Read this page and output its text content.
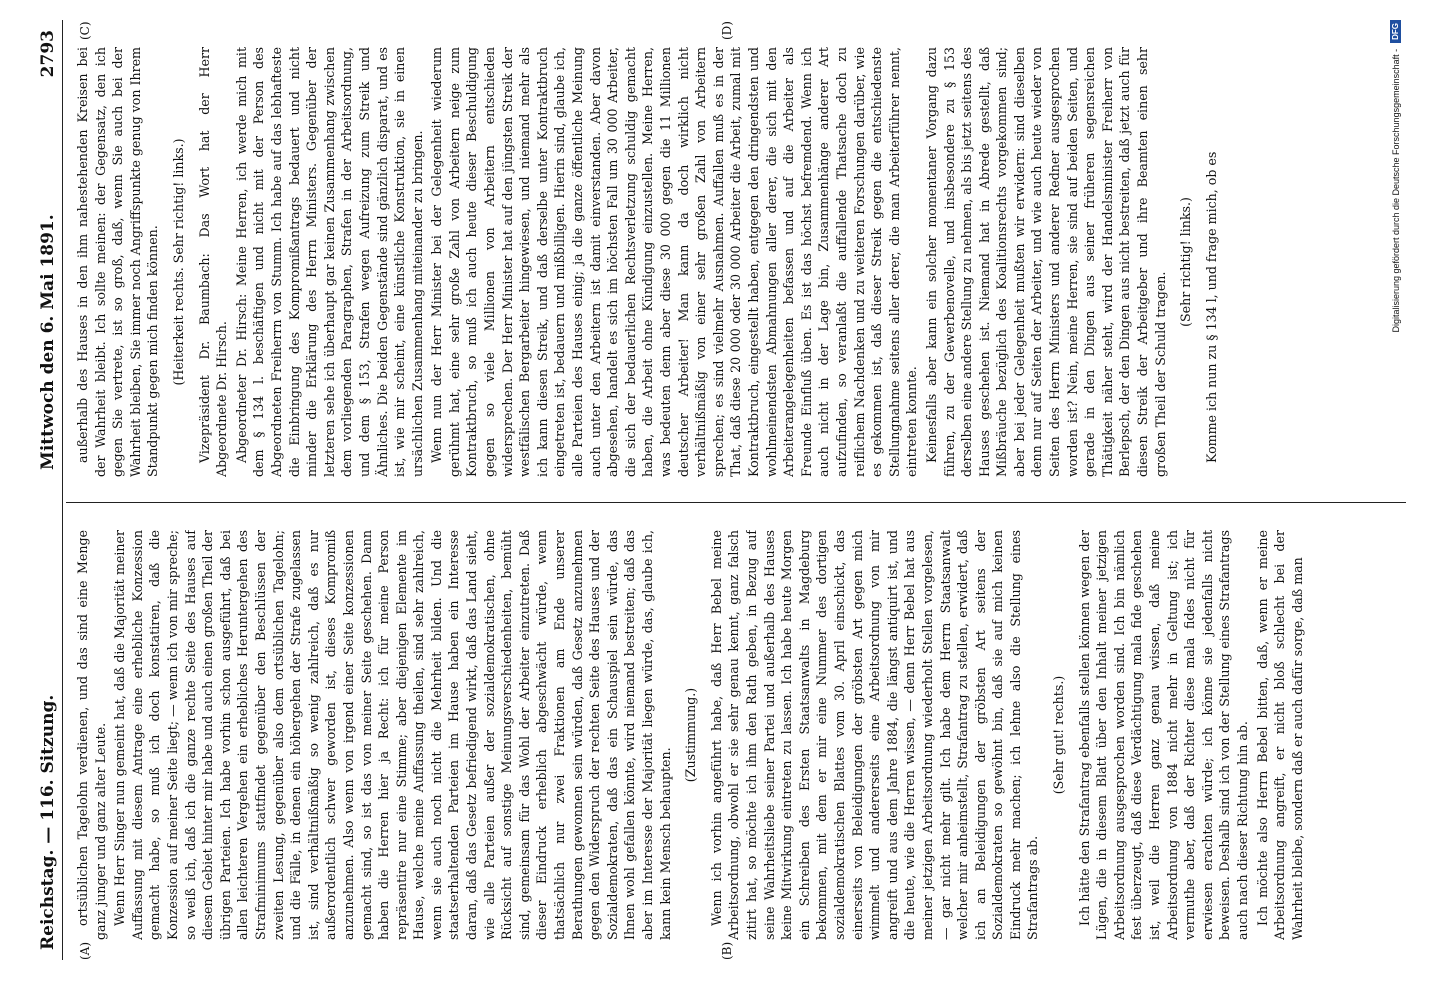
Reichstag. — 116. Sitzung.
Mittwoch den 6. Mai 1891.
2793
(A)	(B)
(C)	(D)

ortsüblichen Tagelohn verdienen, und das sind eine Menge ganz junger und ganz alter Leute. Wenn Herr Singer nun gemeint hat, daß die Majorität meiner Auffassung mit diesem Antrage eine erhebliche Konzession gemacht habe, so muß ich doch konstatiren, daß die Konzession auf meiner Seite liegt; — wenn ich von mir spreche; so weiß ich, daß ich die ganze rechte Seite des Hauses auf diesem Gebiet hinter mir habe und auch einen großen Theil der übrigen Parteien. Ich habe vorhin schon ausgeführt, daß bei allen leichteren Vergehen ein erhebliches Heruntergehen des Strafminimums stattfindet gegenüber den Beschlüssen der zweiten Lesung, gegenüber also dem ortsüblichen Tagelohn; und die Fälle, in denen ein höhergehen der Strafe zugelassen ist, sind verhältnißmäßig so wenig zahlreich, daß es nur außerordentlich schwer geworden ist, dieses Kompromiß anzunehmen. Also wenn von irgend einer Seite konzessionen gemacht sind, so ist das von meiner Seite geschehen. Dann haben die Herren hier ja Recht: ich für meine Person repräsentire nur eine Stimme; aber diejenigen Elemente im Hause, welche meine Auffassung theilen, sind sehr zahlreich, wenn sie auch noch nicht die Mehrheit bilden. Und die staatserhaltenden Parteien im Hause haben ein Interesse daran, daß das Gesetz befriedigend wirkt, daß das Land sieht, wie alle Parteien außer der sozialdemokratischen, ohne Rücksicht auf sonstige Meinungsverschiedenheiten, bemüht sind, gemeinsam für das Wohl der Arbeiter einzutreten. Daß dieser Eindruck erheblich abgeschwächt würde, wenn thatsächlich nur zwei Fraktionen am Ende unserer Berathungen gewonnen sein würden, daß Gesetz anzunehmen gegen den Widerspruch der rechten Seite des Hauses und der Sozialdemokraten, daß das ein Schauspiel sein würde, das Ihnen wohl gefallen könnte, wird niemand bestreiten; daß das aber im Interesse der Majorität liegen würde, das, glaube ich, kann kein Mensch behaupten.

(Zustimmung.) Wenn ich vorhin angeführt habe, daß Herr Bebel meine Arbeitsordnung, obwohl er sie sehr genau kennt, ganz falsch zitirt hat, so möchte ich ihm den Rath geben, in Bezug auf seine Wahrheitsliebe seiner Partei und außerhalb des Hauses keine Mitwirkung eintreten zu lassen. Ich habe heute Morgen ein Schreiben des Ersten Staatsanwalts in Magdeburg bekommen, mit dem er mir eine Nummer des dortigen sozialdemokratischen Blattes vom 30. April einschickt, das einerseits von Beleidigungen der gröbsten Art gegen mich wimmelt und andererseits eine Arbeitsordnung von mir angreift und aus dem Jahre 1884, die längst antiquirt ist, und die heute, wie die Herren wissen, — denn Herr Bebel hat aus meiner jetzigen Arbeitsordnung wiederholt Stellen vorgelesen, — gar nicht mehr gilt. Ich habe dem Herrn Staatsanwalt welcher mir anheimstellt, Strafantrag zu stellen, erwidert, daß ich an Beleidigungen der gröbsten Art seitens der Sozialdemokraten so gewöhnt bin, daß sie auf mich keinen Eindruck mehr machen; ich lehne also die Stellung eines Strafantrags ab.

(Sehr gut! rechts.) Ich hätte den Strafantrag ebenfalls stellen können wegen der Lügen, die in diesem Blatt über den Inhalt meiner jetzigen Arbeitsordnung ausgesprochen worden sind. Ich bin nämlich fest überzeugt, daß diese Verdächtigung mala fide geschehen ist, weil die Herren ganz genau wissen, daß meine Arbeitsordnung von 1884 nicht mehr in Geltung ist; ich vermuthe aber, daß der Richter diese mala fides nicht für erwiesen erachten würde; ich könne sie jedenfalls nicht beweisen. Deshalb sind ich von der Stellung eines Strafantrags auch nach dieser Richtung hin ab. Ich möchte also Herrn Bebel bitten, daß, wenn er meine Arbeitsordnung angreift, er nicht bloß schlecht bei der Wahrheit bleibe, sondern daß er auch dafür sorge, daß man

außerhalb des Hauses in den ihm nahestehenden Kreisen bei der Wahrheit bleibt. Ich sollte meinen: der Gegensatz, den ich gegen Sie vertrete, ist so groß, daß, wenn Sie auch bei der Wahrheit bleiben, Sie immer noch Angriffspunkte genug von Ihrem Standpunkt gegen mich finden können. (Heiterkeit rechts. Sehr richtig! links.) Vizepräsident Dr. Baumbach: Das Wort hat der Herr Abgeordnete Dr. Hirsch. Abgeordneter Dr. Hirsch: Meine Herren, ich werde mich mit dem § 134 l. beschäftigen und nicht mit der Person des Abgeordneten Freiherrn von Stumm. Ich habe auf das lebhafteste die Einbringung des Kompromißantrags bedauert und nicht minder die Erklärung des Herrn Ministers. Gegenüber der letzteren sehe ich überhaupt gar keinen Zusammenhang zwischen dem vorliegenden Paragraphen, Strafen in der Arbeitsordnung, und dem § 153, Strafen wegen Aufreizung zum Streik und Ähnliches. Die beiden Gegenstände sind gänzlich disparat, und es ist, wie mir scheint, eine künstliche Konstruktion, sie in einen ursächlichen Zusammenhang miteinander zu bringen. Wenn nun der Herr Minister bei der Gelegenheit wiederum gerühmt hat, eine sehr große Zahl von Arbeitern neige zum Kontraktbruch, so muß ich auch heute dieser Beschuldigung gegen so viele Millionen von Arbeitern entschieden widersprechen. Der Herr Minister hat auf den jüngsten Streik der westfälischen Bergarbeiter hingewiesen, und niemand mehr als ich kann diesen Streik, und daß derselbe unter Kontraktbruch eingetreten ist, bedauern und mißbilligen. Hierin sind, glaube ich, alle Parteien des Hauses einig; ja die ganze öffentliche Meinung auch unter den Arbeitern ist damit einverstanden. Aber davon abgesehen, handelt es sich im höchsten Fall um 30 000 Arbeiter, die sich der bedauerlichen Rechtsverletzung schuldig gemacht haben, die Arbeit ohne Kündigung einzustellen. Meine Herren, was bedeuten denn aber diese 30 000 gegen die 11 Millionen deutscher Arbeiter! Man kann da doch wirklich nicht verhältnißmäßig von einer sehr großen Zahl von Arbeitern sprechen; es sind vielmehr Ausnahmen. Auffallen muß es in der That, daß diese 20 000 oder 30 000 Arbeiter die Arbeit, zumal mit Kontraktbruch, eingestellt haben, entgegen den dringendsten und wohlmeinendsten Abmahnungen aller derer, die sich mit den Arbeiterangelegenheiten befassen und auf die Arbeiter als Freunde Einfluß üben. Es ist das höchst befremdend. Wenn ich auch nicht in der Lage bin, Zusammenhänge anderer Art aufzufinden, so veranlaßt die auffallende Thatsache doch zu reiflichem Nachdenken und zu weiteren Forschungen darüber, wie es gekommen ist, daß dieser Streik gegen die entschiedenste Stellungnahme seitens aller derer, die man Arbeiterführer nennt, eintreten konnte. Keinesfalls aber kann ein solcher momentaner Vorgang dazu führen, zu der Gewerbenovelle, und insbesondere zu § 153 derselben eine andere Stellung zu nehmen, als bis jetzt seitens des Hauses geschehen ist. Niemand hat in Abrede gestellt, daß Mißbräuche bezüglich des Koalitionsrechts vorgekommen sind; aber bei jeder Gelegenheit mußten wir erwidern: sind dieselben denn nur auf Seiten der Arbeiter, und wie auch heute wieder von Seiten des Herrn Ministers und anderer Redner ausgesprochen worden ist? Nein, meine Herren, sie sind auf beiden Seiten, und gerade in den Dingen aus seiner früheren segensreichen Thätigkeit näher steht, wird der Handelsminister Freiherr von Berlepsch, der den Dingen aus nicht bestreiten, daß jetzt auch für diesen Streik der Arbeitgeber und ihre Beamten einen sehr großen Theil der Schuld tragen.

(Sehr richtig! links.) Komme ich nun zu § 134 l, und frage mich, ob es	Digitalisierung gefördert durch die Deutsche Forschungsgemeinschaft -
DFG
